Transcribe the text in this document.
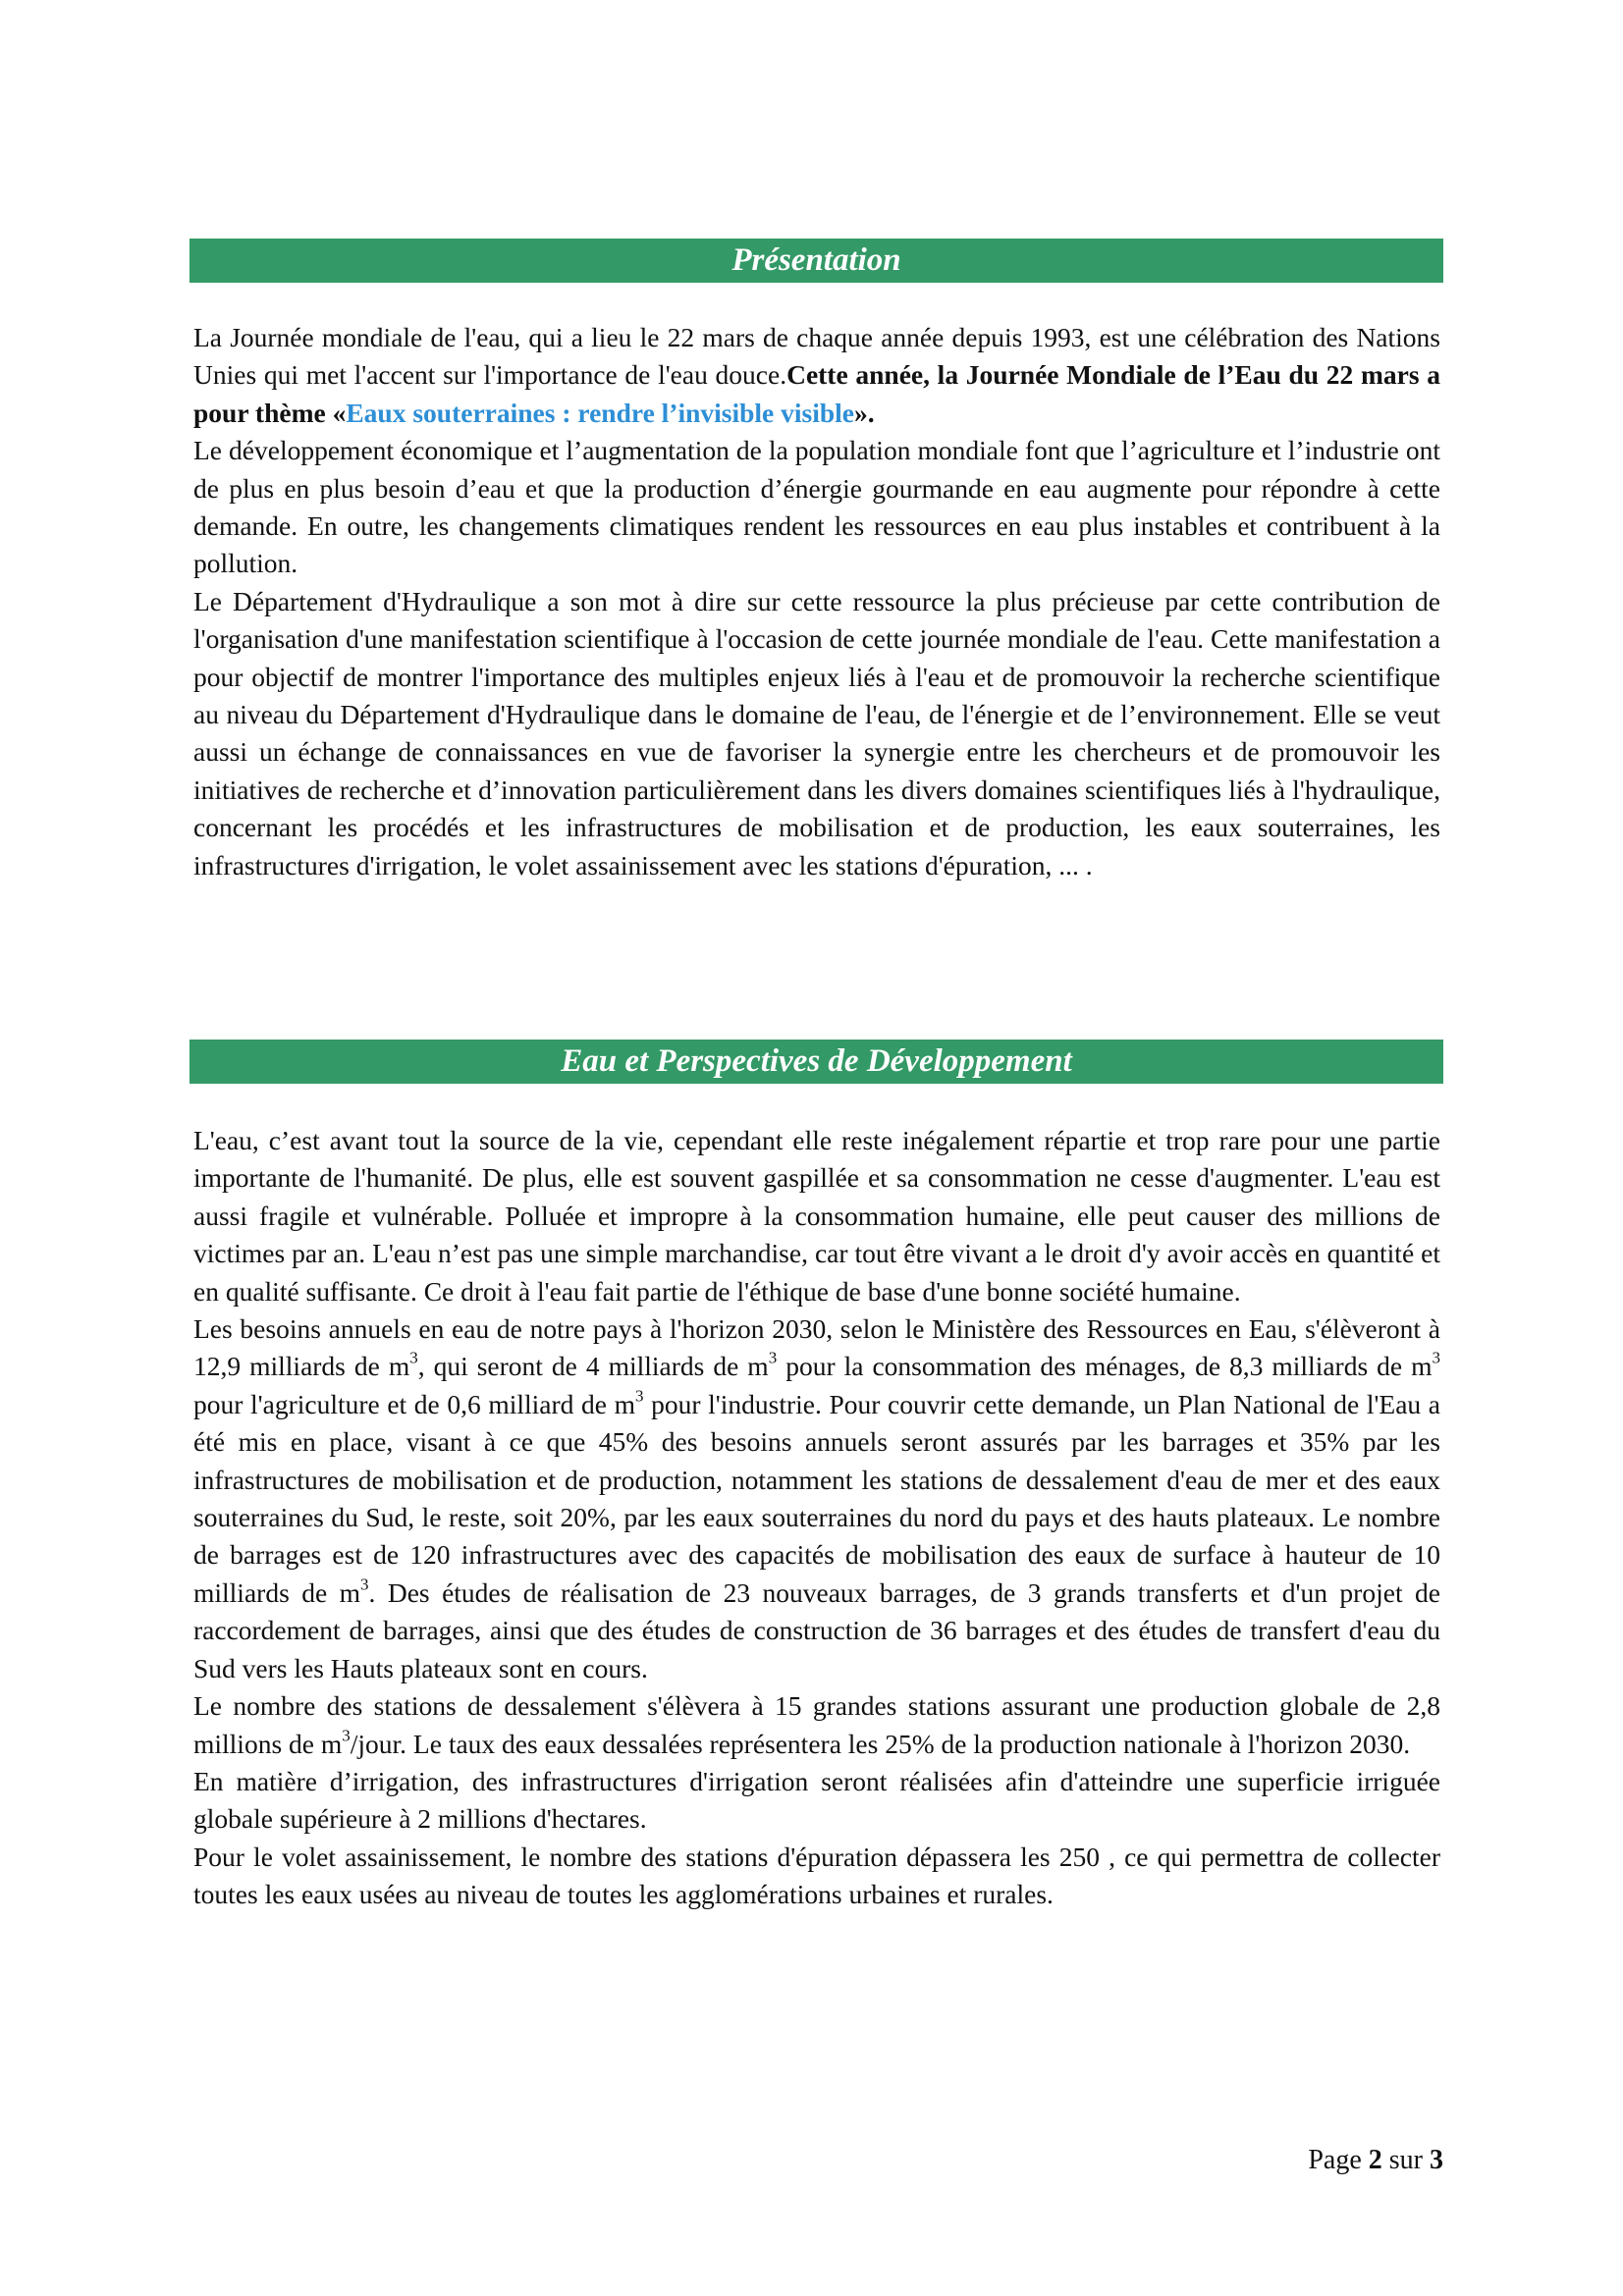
Présentation

La Journée mondiale de l'eau, qui a lieu le 22 mars de chaque année depuis 1993, est une célébration des Nations Unies qui met l'accent sur l'importance de l'eau douce.Cette année, la Journée Mondiale de l’Eau du 22 mars a pour thème «Eaux souterraines : rendre l’invisible visible».

Le développement économique et l’augmentation de la population mondiale font que l’agriculture et l’industrie ont de plus en plus besoin d’eau et que la production d’énergie gourmande en eau augmente pour répondre à cette demande. En outre, les changements climatiques rendent les ressources en eau plus instables et contribuent à la pollution.

Le Département d'Hydraulique a son mot à dire sur cette ressource la plus précieuse par cette contribution de l'organisation d'une manifestation scientifique à l'occasion de cette journée mondiale de l'eau. Cette manifestation a pour objectif de montrer l'importance des multiples enjeux liés à l'eau et de promouvoir la recherche scientifique au niveau du Département d'Hydraulique dans le domaine de l'eau, de l'énergie et de l’environnement. Elle se veut aussi un échange de connaissances en vue de favoriser la synergie entre les chercheurs et de promouvoir les initiatives de recherche et d’innovation particulièrement dans les divers domaines scientifiques liés à l'hydraulique, concernant les procédés et les infrastructures de mobilisation et de production, les eaux souterraines, les infrastructures d'irrigation, le volet assainissement avec les stations d'épuration, ... .

Eau et Perspectives de Développement

L'eau, c’est avant tout la source de la vie, cependant elle reste inégalement répartie et trop rare pour une partie importante de l'humanité. De plus, elle est souvent gaspillée et sa consommation ne cesse d'augmenter. L'eau est aussi fragile et vulnérable. Polluée et impropre à la consommation humaine, elle peut causer des millions de victimes par an. L'eau n’est pas une simple marchandise, car tout être vivant a le droit d'y avoir accès en quantité et en qualité suffisante. Ce droit à l'eau fait partie de l'éthique de base d'une bonne société humaine.

Les besoins annuels en eau de notre pays à l'horizon 2030, selon le Ministère des Ressources en Eau, s'élèveront à 12,9 milliards de $m^3$, qui seront de 4 milliards de $m^3$ pour la consommation des ménages, de 8,3 milliards de $m^3$ pour l'agriculture et de 0,6 milliard de $m^3$ pour l'industrie. Pour couvrir cette demande, un Plan National de l'Eau a été mis en place, visant à ce que 45% des besoins annuels seront assurés par les barrages et 35% par les infrastructures de mobilisation et de production, notamment les stations de dessalement d'eau de mer et des eaux souterraines du Sud, le reste, soit 20%, par les eaux souterraines du nord du pays et des hauts plateaux. Le nombre de barrages est de 120 infrastructures avec des capacités de mobilisation des eaux de surface à hauteur de 10 milliards de $m^3$. Des études de réalisation de 23 nouveaux barrages, de 3 grands transferts et d'un projet de raccordement de barrages, ainsi que des études de construction de 36 barrages et des études de transfert d'eau du Sud vers les Hauts plateaux sont en cours.

Le nombre des stations de dessalement s'élèvera à 15 grandes stations assurant une production globale de 2,8 millions de $m^3$/jour. Le taux des eaux dessalées représentera les 25% de la production nationale à l'horizon 2030.

En matière d’irrigation, des infrastructures d'irrigation seront réalisées afin d'atteindre une superficie irriguée globale supérieure à 2 millions d'hectares.

Pour le volet assainissement, le nombre des stations d'épuration dépassera les 250 , ce qui permettra de collecter toutes les eaux usées au niveau de toutes les agglomérations urbaines et rurales.

Page 2 sur 3
